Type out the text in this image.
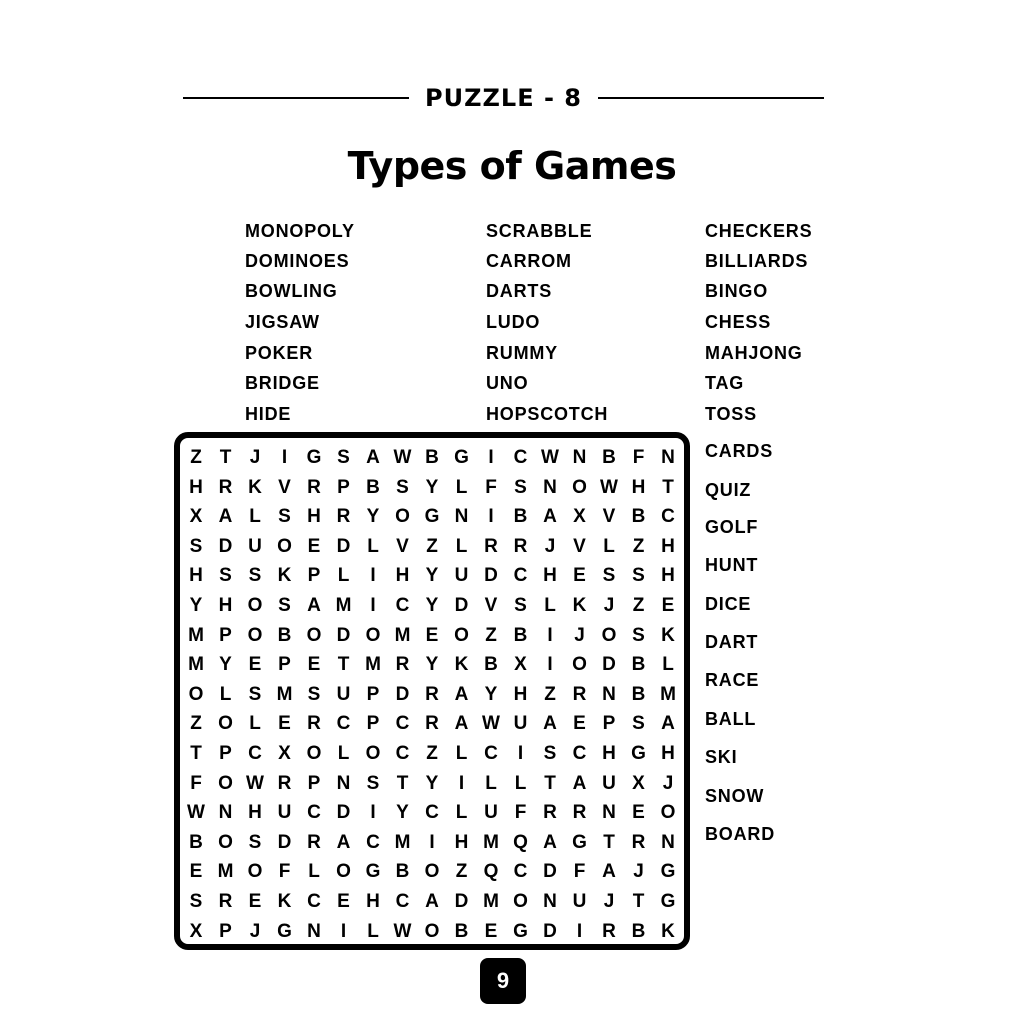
PUZZLE - 8
Types of Games
MONOPOLY
DOMINOES
BOWLING
JIGSAW
POKER
BRIDGE
HIDE
SCRABBLE
CARROM
DARTS
LUDO
RUMMY
UNO
HOPSCOTCH
CHECKERS
BILLIARDS
BINGO
CHESS
MAHJONG
TAG
TOSS
CARDS
QUIZ
GOLF
HUNT
DICE
DART
RACE
BALL
SKI
SNOW
BOARD
Z T J	I	G S A W B G	I	C W N B F N
H R K V R P B S Y L F S N O W H T
X A L S H R Y O G N	I	B A X V B C
S D U O E D L V Z L R R J V L Z H
H S S K P L	I	H Y U D C H E S S H
Y H O S A M I	C Y D V S L K J Z E
M P O B O D O M E O Z B	I	J O S K
M Y E P E T M R Y K B X	I	O D B L
O L S M S U P D R A Y H Z R N B M
Z O L E R C P C R A W U A E P S A
T P C X O L O C Z L C	I	S C H G H
F O W R P N S T Y	I	L L T A U X J
W N H U C D	I	Y C L U F R R N E O
B O S D R A C M I	H M Q A G T R N
E M O F L O G B O Z Q C D F A J G
S R E K C E H C A D M O N U J T G
X P J G N	I	L W O B E G D	I	R B K
9
